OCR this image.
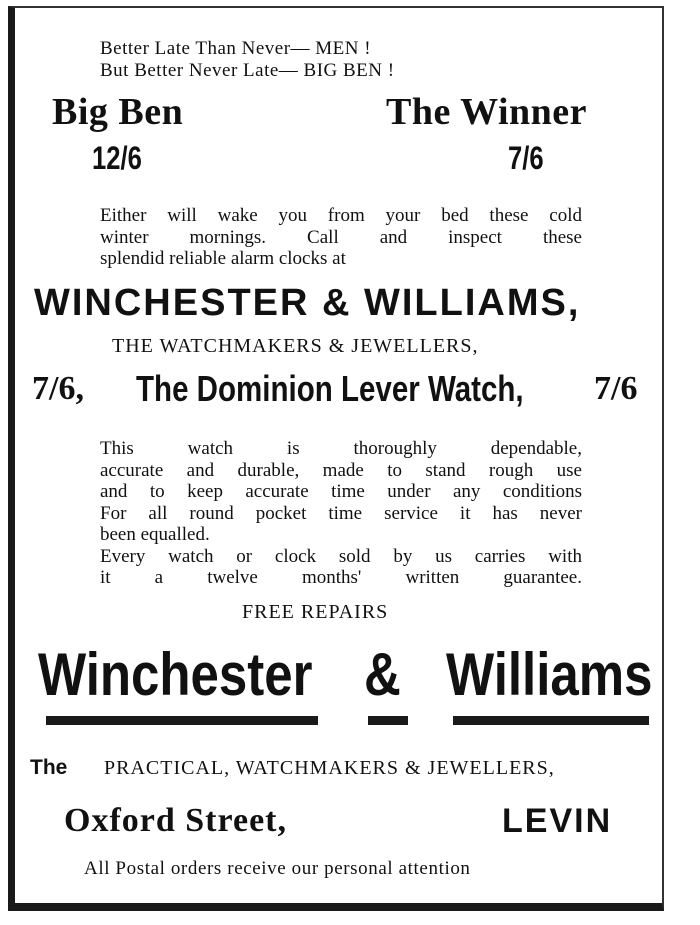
Better Late Than Never— MEN !
But Better Never Late— BIG BEN !
Big Ben
12/6
The Winner
7/6
Either will wake you from your bed these cold
winter mornings. Call and inspect these
splendid reliable alarm clocks at
WINCHESTER & WILLIAMS,
THE WATCHMAKERS & JEWELLERS,
7/6, The Dominion Lever Watch, 7/6
This watch is thoroughly dependable,
accurate and durable, made to stand rough use
and to keep accurate time under any conditions
For all round pocket time service it has never
been equalled.
Every watch or clock sold by us carries with
it a twelve months' written guarantee.
FREE REPAIRS
Winchester & Williams
The PRACTICAL, WATCHMAKERS & JEWELLERS,
Oxford Street,	LEVIN
All Postal orders receive our personal attention
